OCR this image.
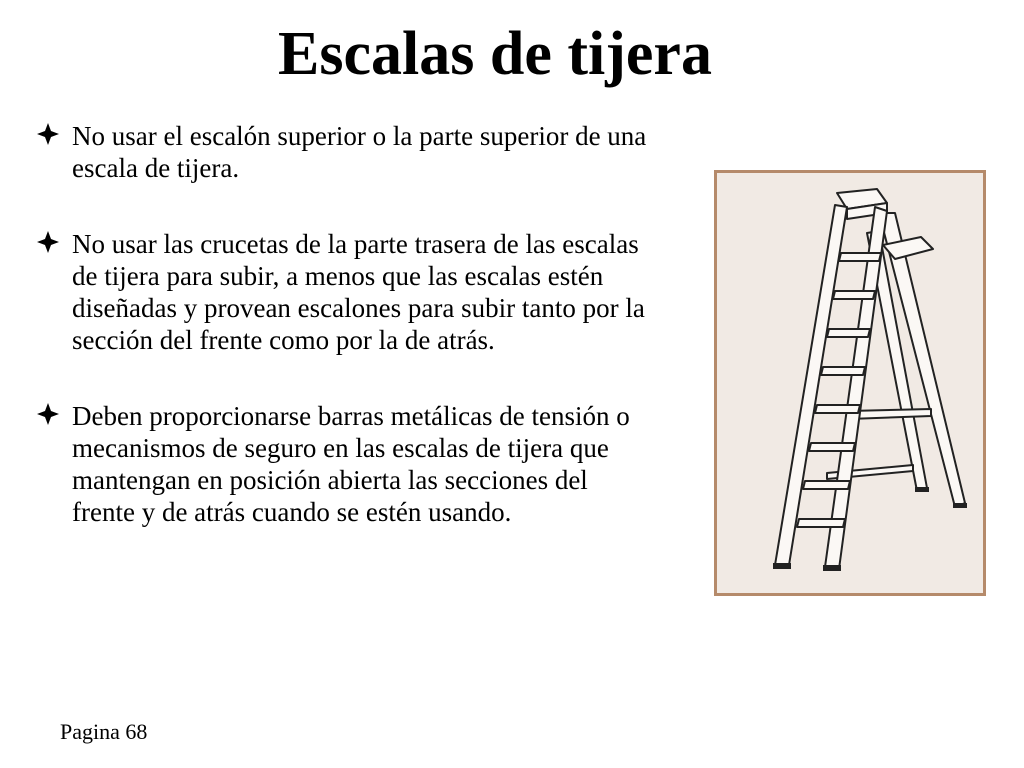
Escalas de tijera
No usar el escalón superior o la parte superior de una escala de tijera.
No usar las crucetas de la parte trasera de las escalas de tijera para subir, a menos que las escalas estén diseñadas y provean escalones para subir tanto por la sección del frente como por la de atrás.
Deben proporcionarse barras metálicas de tensión o mecanismos de seguro en las escalas de tijera que mantengan en posición abierta las secciones del frente y de atrás cuando se estén usando.
Pagina 68
